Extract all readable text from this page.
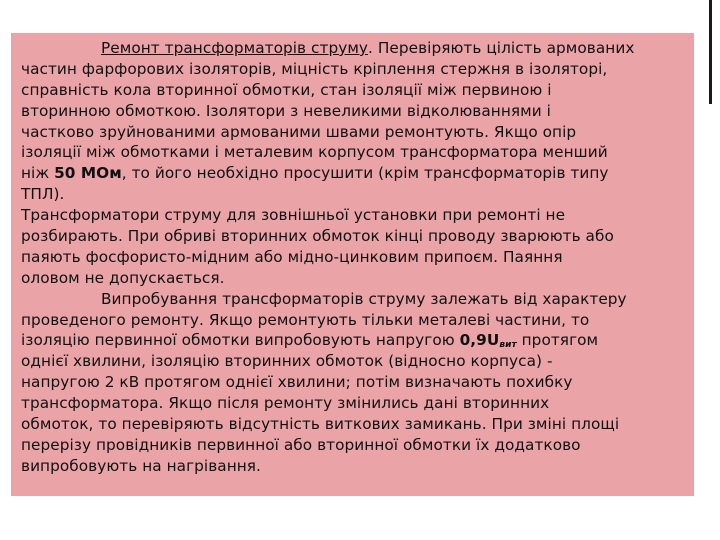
Ремонт трансформаторів струму. Перевіряють цілість армованих
частин фарфорових ізоляторів, міцність кріплення стержня в ізоляторі,
справність кола вторинної обмотки, стан ізоляції між первиною і
вторинною обмоткою. Ізолятори з невеликими відколюваннями і
частково зруйнованими армованими швами ремонтують. Якщо опір
ізоляції між обмотками і металевим корпусом трансформатора менший
ніж 50 МОм, то його необхідно просушити (крім трансформаторів типу
ТПЛ).
Трансформатори струму для зовнішньої установки при ремонті не
розбирають. При обриві вторинних обмоток кінці проводу зварюють або
паяють фосфористо-мідним або мідно-цинковим припоєм. Паяння
оловом не допускається.
Випробування трансформаторів струму залежать від характеру
проведеного ремонту. Якщо ремонтують тільки металеві частини, то
ізоляцію первинної обмотки випробовують напругою $0,9U_{вит}$ протягом
однієї хвилини, ізоляцію вторинних обмоток (відносно корпуса) -
напругою 2 кВ протягом однієї хвилини; потім визначають похибку
трансформатора. Якщо після ремонту змінились дані вторинних
обмоток, то перевіряють відсутність виткових замикань. При зміні площі
перерізу провідників первинної або вторинної обмотки їх додатково
випробовують на нагрівання.
